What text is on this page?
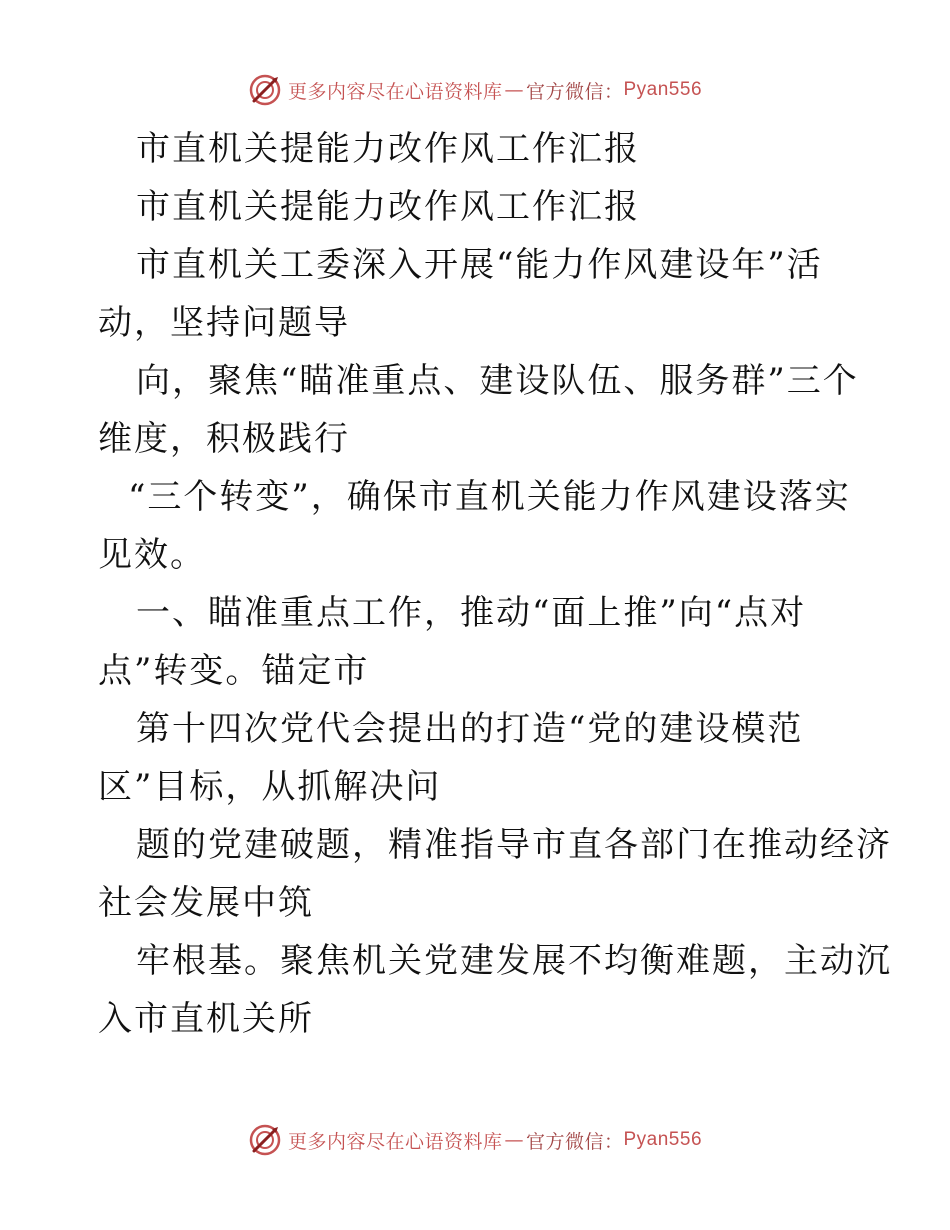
更多内容尽在心语资料库 — 官方微信： Pyan556
市直机关提能力改作风工作汇报
市直机关提能力改作风工作汇报
市直机关工委深入开展“能力作风建设年”活
动，坚持问题导
向，聚焦“瞄准重点、建设队伍、服务群”三个
维度，积极践行
“三个转变”，确保市直机关能力作风建设落实
见效。
一、瞄准重点工作，推动“面上推”向“点对
点”转变。锚定市
第十四次党代会提出的打造“党的建设模范
区”目标，从抓解决问
题的党建破题，精准指导市直各部门在推动经济
社会发展中筑
牢根基。聚焦机关党建发展不均衡难题，主动沉
入市直机关所
更多内容尽在心语资料库 — 官方微信： Pyan556
